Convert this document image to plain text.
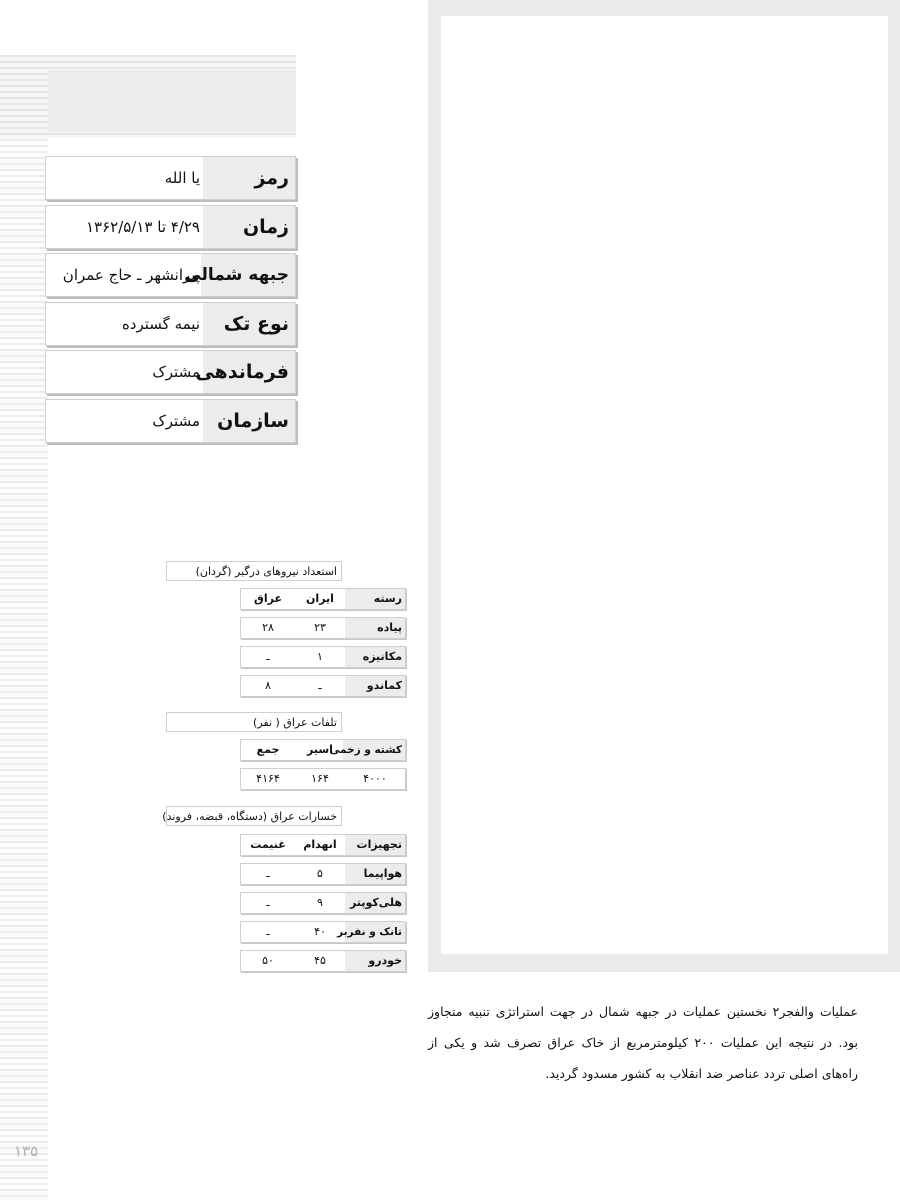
رمز
یا الله
زمان
۴/۲۹ تا ۱۳۶۲/۵/۱۳
جبهه شمالی
پیرانشهر ـ حاج عمران
نوع تک
نیمه گسترده
فرماندهی
مشترک
سازمان
مشترک
استعداد نیروهای درگیر (گردان)
رسته
ایران
عراق
پیاده
۲۳
۲۸
مکانیزه
۱
ـ
کماندو
ـ
۸
تلفات عراق ( نفر)
کشته و زخمی
اسیر
جمع
۱۶۴
۴۱۶۴	۴۰۰۰
خسارات عراق (دستگاه، قبضه، فروند)
تجهیزات
انهدام
غنیمت
هواپیما
۵
ـ
هلی‌کوپتر
۹
ـ
تانک و نفربر
۴۰
ـ
خودرو
۴۵
۵۰
عملیات والفجر۲ نخستین عملیات در جبهه شمال در جهت استراتژی تنبیه متجاوز بود. در نتیجه این عملیات ۲۰۰ کیلومترمربع از خاک عراق تصرف شد و یکی از راه‌های اصلی تردد عناصر ضد انقلاب به کشور مسدود گردید.
۱۳۵
